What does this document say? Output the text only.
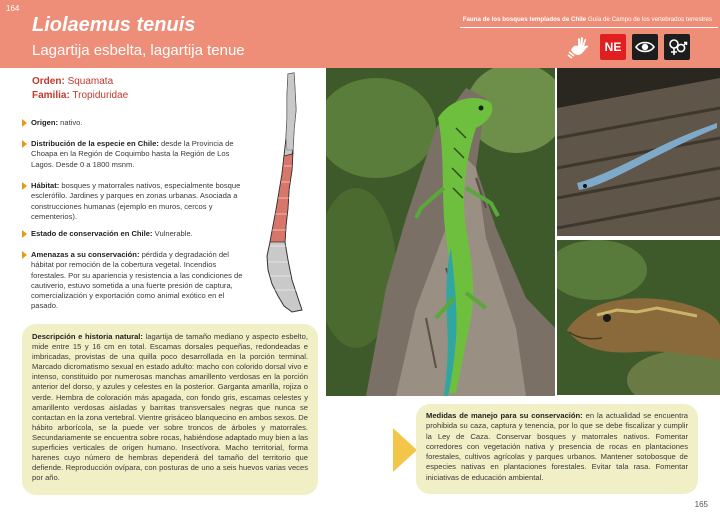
164
Liolaemus tenuis
Lagartija esbelta, lagartija tenue
Fauna de los bosques templados de Chile Guía de Campo de los vertebrados terrestres
NE
Orden: Squamata
Familia: Tropiduridae
Origen: nativo.
Distribución de la especie en Chile: desde la Provincia de Choapa en la Región de Coquimbo hasta la Región de Los Lagos. Desde 0 a 1800 msnm.
Hábitat: bosques y matorrales nativos, especialmente bosque esclerófilo. Jardines y parques en zonas urbanas. Asociada a construcciones humanas (ejemplo en muros, cercos y cementerios).
Estado de conservación en Chile: Vulnerable.
Amenazas a su conservación: pérdida y degradación del hábitat por remoción de la cobertura vegetal. Incendios forestales. Por su apariencia y resistencia a las condiciones de cautiverio, estuvo sometida a una fuerte presión de captura, comercialización y exportación como animal exótico en el pasado.
Descripción e historia natural: lagartija de tamaño mediano y aspecto esbelto, mide entre 15 y 16 cm en total. Escamas dorsales pequeñas, redondeadas e imbricadas, provistas de una quilla poco desarrollada en la porción terminal. Marcado dicromatismo sexual en estado adulto: macho con colorido dorsal vivo e intenso, constituido por numerosas manchas amarillento verdosas en la porción anterior del dorso, y azules y celestes en la posterior. Garganta amarilla, rojiza o verde. Hembra de coloración más apagada, con fondo gris, escamas celestes y amarillento verdosas aisladas y barritas transversales negras que nunca se contactan en la zona vertebral. Vientre grisáceo blanquecino en ambos sexos. De hábito arborícola, se la puede ver sobre troncos de árboles y matorrales. Secundariamente se encuentra sobre rocas, habiéndose adaptado muy bien a las superficies verticales de origen humano. Insectívora. Macho territorial, forma harenes cuyo número de hembras dependerá del tamaño del territorio que defiende. Reproducción ovípara, con posturas de uno a seis huevos varias veces por año.
Medidas de manejo para su conservación: en la actualidad se encuentra prohibida su caza, captura y tenencia, por lo que se debe fiscalizar y cumplir la Ley de Caza. Conservar bosques y matorrales nativos. Fomentar corredores con vegetación nativa y presencia de rocas en plantaciones forestales, cultivos agrícolas y parques urbanos. Mantener sotobosque de especies nativas en plantaciones forestales. Evitar tala rasa. Fomentar iniciativas de educación ambiental.
165
